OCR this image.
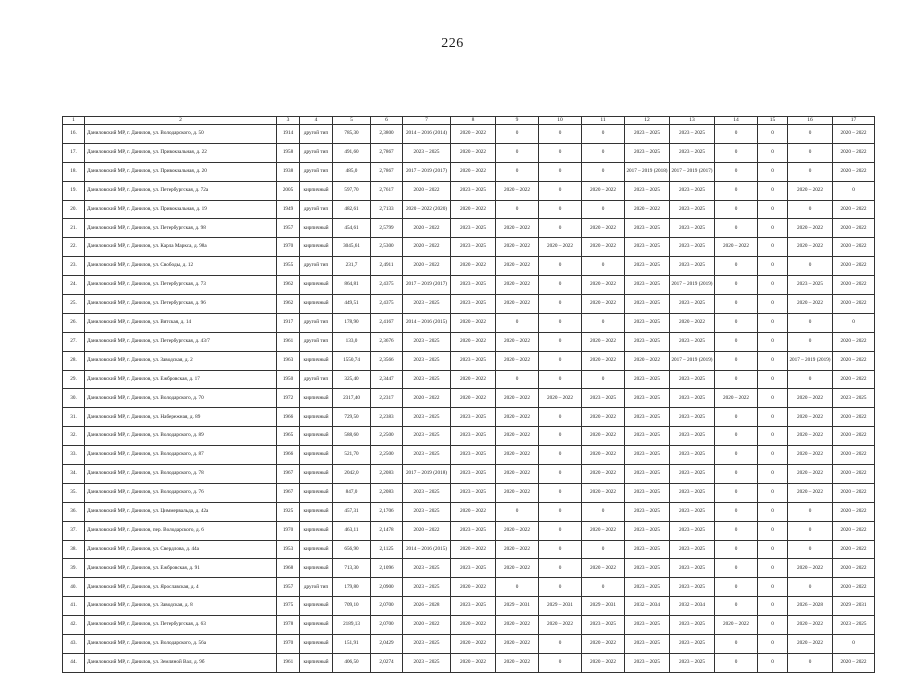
226
1	2	3	4	5	6	7	8	9	10	11	12	13	14	15	16	17
16.	Даниловский МР, г. Данилов, ул. Володарского, д. 50	1914	другой тип	785,30	2,3800	2014 – 2016 (2014)	2020 – 2022	0	0	0	2023 – 2025	2023 – 2025	0	0	0	2020 – 2022
17.	Даниловский МР, г. Данилов, ул. Привокзальная, д. 22	1958	другой тип	491,60	2,7867	2023 – 2025	2020 – 2022	0	0	0	2023 – 2025	2023 – 2025	0	0	0	2020 – 2022
18.	Даниловский МР, г. Данилов, ул. Привокзальная, д. 20	1938	другой тип	485,0	2,7867	2017 – 2019 (2017)	2020 – 2022	0	0	0	2017 – 2019 (2018)	2017 – 2019 (2017)	0	0	0	2020 – 2022
19.	Даниловский МР, г. Данилов, ул. Петербургская, д. 72а	2005	кирпичный	597,70	2,7617	2020 – 2022	2023 – 2025	2020 – 2022	0	2020 – 2022	2023 – 2025	2023 – 2025	0	0	2020 – 2022	0
20.	Даниловский МР, г. Данилов, ул. Привокзальная, д. 19	1949	другой тип	482,61	2,7133	2020 – 2022 (2020)	2020 – 2022	0	0	0	2020 – 2022	2023 – 2025	0	0	0	2020 – 2022
21.	Даниловский МР, г. Данилов, ул. Петербургская, д. 98	1957	кирпичный	454,61	2,5799	2020 – 2022	2023 – 2025	2020 – 2022	0	2020 – 2022	2023 – 2025	2023 – 2025	0	0	2020 – 2022	2020 – 2022
22.	Даниловский МР, г. Данилов, ул. Карла Маркса, д. 98а	1970	кирпичный	3045,61	2,5300	2020 – 2022	2023 – 2025	2020 – 2022	2020 – 2022	2020 – 2022	2023 – 2025	2023 – 2025	2020 – 2022	0	2020 – 2022	2020 – 2022
23.	Даниловский МР, г. Данилов, ул. Свободы, д. 12	1955	другой тип	231,7	2,4911	2020 – 2022	2020 – 2022	2020 – 2022	0	0	2023 – 2025	2023 – 2025	0	0	0	2020 – 2022
24.	Даниловский МР, г. Данилов, ул. Петербургская, д. 73	1962	кирпичный	864,81	2,4375	2017 – 2019 (2017)	2023 – 2025	2020 – 2022	0	2020 – 2022	2023 – 2025	2017 – 2019 (2019)	0	0	2023 – 2025	2020 – 2022
25.	Даниловский МР, г. Данилов, ул. Петербургская, д. 96	1962	кирпичный	449,51	2,4375	2023 – 2025	2023 – 2025	2020 – 2022	0	2020 – 2022	2023 – 2025	2023 – 2025	0	0	2020 – 2022	2020 – 2022
26.	Даниловский МР, г. Данилов, ул. Вятская, д. 14	1917	другой тип	178,90	2,4167	2014 – 2016 (2015)	2020 – 2022	0	0	0	2023 – 2025	2020 – 2022	0	0	0	0
27.	Даниловский МР, г. Данилов, ул. Петербургская, д. 43/7	1961	другой тип	133,0	2,3676	2023 – 2025	2020 – 2022	2020 – 2022	0	2020 – 2022	2023 – 2025	2023 – 2025	0	0	0	2020 – 2022
28.	Даниловский МР, г. Данилов, ул. Заводская, д. 2	1963	кирпичный	1550,74	2,3566	2023 – 2025	2023 – 2025	2020 – 2022	0	2020 – 2022	2020 – 2022	2017 – 2019 (2019)	0	0	2017 – 2019 (2019)	2020 – 2022
29.	Даниловский МР, г. Данилов, ул. Ежбровская, д. 17	1950	другой тип	325,40	2,3447	2023 – 2025	2020 – 2022	0	0	0	2023 – 2025	2023 – 2025	0	0	0	2020 – 2022
30.	Даниловский МР, г. Данилов, ул. Володарского, д. 70	1972	кирпичный	2317,40	2,2317	2020 – 2022	2020 – 2022	2020 – 2022	2020 – 2022	2023 – 2025	2023 – 2025	2023 – 2025	2020 – 2022	0	2020 – 2022	2023 – 2025
31.	Даниловский МР, г. Данилов, ул. Набережная, д. 89	1966	кирпичный	729,50	2,2383	2023 – 2025	2023 – 2025	2020 – 2022	0	2020 – 2022	2023 – 2025	2023 – 2025	0	0	2020 – 2022	2020 – 2022
32.	Даниловский МР, г. Данилов, ул. Володарского, д. 89	1965	кирпичный	588,60	2,2500	2023 – 2025	2023 – 2025	2020 – 2022	0	2020 – 2022	2023 – 2025	2023 – 2025	0	0	2020 – 2022	2020 – 2022
33.	Даниловский МР, г. Данилов, ул. Володарского, д. 87	1966	кирпичный	521,70	2,2500	2023 – 2025	2023 – 2025	2020 – 2022	0	2020 – 2022	2023 – 2025	2023 – 2025	0	0	2020 – 2022	2020 – 2022
34.	Даниловский МР, г. Данилов, ул. Володарского, д. 78	1967	кирпичный	2042,0	2,2083	2017 – 2019 (2018)	2023 – 2025	2020 – 2022	0	2020 – 2022	2023 – 2025	2023 – 2025	0	0	2020 – 2022	2020 – 2022
35.	Даниловский МР, г. Данилов, ул. Володарского, д. 76	1967	кирпичный	847,0	2,2083	2023 – 2025	2023 – 2025	2020 – 2022	0	2020 – 2022	2023 – 2025	2023 – 2025	0	0	2020 – 2022	2020 – 2022
36.	Даниловский МР, г. Данилов, ул. Циммервальда, д. 42а	1925	кирпичный	457,31	2,1706	2023 – 2025	2020 – 2022	0	0	0	2023 – 2025	2023 – 2025	0	0	0	2020 – 2022
37.	Даниловский МР, г. Данилов, пер. Володарского, д. 6	1970	кирпичный	463,11	2,1478	2020 – 2022	2023 – 2025	2020 – 2022	0	2020 – 2022	2023 – 2025	2023 – 2025	0	0	0	2020 – 2022
38.	Даниловский МР, г. Данилов, ул. Свердлова, д. 44а	1953	кирпичный	656,90	2,1125	2014 – 2016 (2015)	2020 – 2022	2020 – 2022	0	0	2023 – 2025	2023 – 2025	0	0	0	2020 – 2022
39.	Даниловский МР, г. Данилов, ул. Ежбровская, д. 91	1968	кирпичный	713,30	2,1096	2023 – 2025	2023 – 2025	2020 – 2022	0	2020 – 2022	2023 – 2025	2023 – 2025	0	0	2020 – 2022	2020 – 2022
40.	Даниловский МР, г. Данилов, ул. Ярославская, д. 4	1957	другой тип	179,80	2,0900	2023 – 2025	2020 – 2022	0	0	0	2023 – 2025	2023 – 2025	0	0	0	2020 – 2022
41.	Даниловский МР, г. Данилов, ул. Заводская, д. 8	1975	кирпичный	709,10	2,0700	2026 – 2028	2023 – 2025	2029 – 2031	2029 – 2031	2029 – 2031	2032 – 2034	2032 – 2034	0	0	2026 – 2028	2029 – 2031
42.	Даниловский МР, г. Данилов, ул. Петербургская, д. 63	1978	кирпичный	2189,13	2,0700	2020 – 2022	2020 – 2022	2020 – 2022	2020 – 2022	2023 – 2025	2023 – 2025	2023 – 2025	2020 – 2022	0	2020 – 2022	2023 – 2025
43.	Даниловский МР, г. Данилов, ул. Володарского, д. 56а	1970	кирпичный	151,91	2,0429	2023 – 2025	2020 – 2022	2020 – 2022	0	2020 – 2022	2023 – 2025	2023 – 2025	0	0	2020 – 2022	0
44.	Даниловский МР, г. Данилов, ул. Земляной Вал, д. 9б	1961	кирпичный	406,50	2,0274	2023 – 2025	2020 – 2022	2020 – 2022	0	2020 – 2022	2023 – 2025	2023 – 2025	0	0	0	2020 – 2022
